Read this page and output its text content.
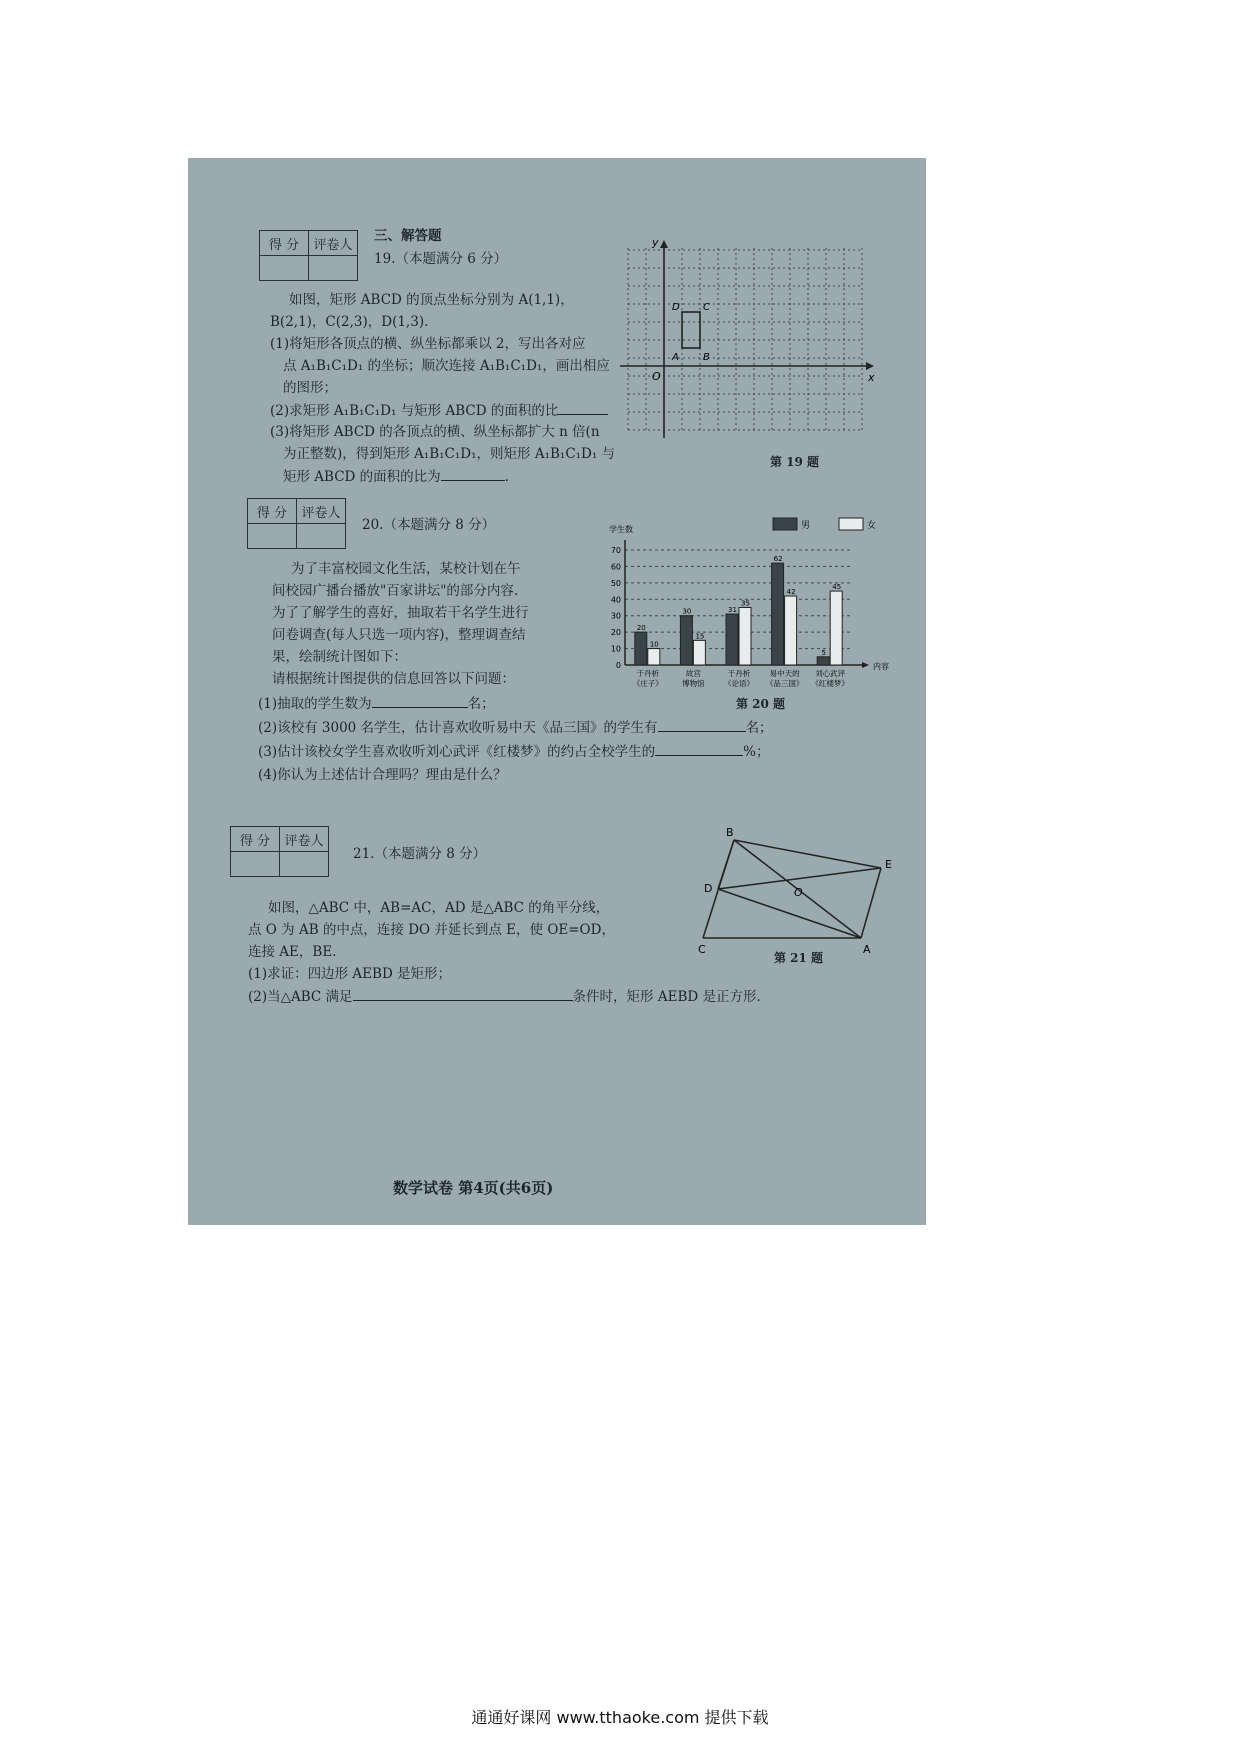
得 分	评卷人

三、解答题
19.（本题满分 6 分）
如图，矩形 ABCD 的顶点坐标分别为 A(1,1)，
B(2,1)，C(2,3)，D(1,3).
(1)将矩形各顶点的横、纵坐标都乘以 2，写出各对应
点 A₁B₁C₁D₁ 的坐标；顺次连接 A₁B₁C₁D₁，画出相应
的图形；
(2)求矩形 A₁B₁C₁D₁ 与矩形 ABCD 的面积的比
(3)将矩形 ABCD 的各顶点的横、纵坐标都扩大 n 倍(n
为正整数)，得到矩形 A₁B₁C₁D₁，则矩形 A₁B₁C₁D₁ 与
矩形 ABCD 的面积的比为	.
x
y
O
A B
C
D
第 19 题
得 分	评卷人

20.（本题满分 8 分）
为了丰富校园文化生活，某校计划在午
间校园广播台播放"百家讲坛"的部分内容.
为了了解学生的喜好，抽取若干名学生进行
问卷调查(每人只选一项内容)，整理调查结
果，绘制统计图如下：
请根据统计图提供的信息回答以下问题：
(1)抽取的学生数为	名；
(2)该校有 3000 名学生，估计喜欢收听易中天《品三国》的学生有	名；
(3)估计该校女学生喜欢收听刘心武评《红楼梦》的约占全校学生的	%；
(4)你认为上述估计合理吗？理由是什么？
0
10
20
30
40
50
60
70
学生数
内容
男	女
20
10
于丹析
《庄子》
30
15
故宫
博物馆
31
35
于丹析
《论语》
62
42
易中天的
《品三国》
5
45
刘心武评
《红楼梦》
第 20 题
得 分	评卷人

21.（本题满分 8 分）
如图，△ABC 中，AB=AC，AD 是△ABC 的角平分线，
点 O 为 AB 的中点，连接 DO 并延长到点 E，使 OE=OD，
连接 AE，BE.
(1)求证：四边形 AEBD 是矩形；
(2)当△ABC 满足	条件时，矩形 AEBD 是正方形.
B
E
D	O
C	A
第 21 题
数学试卷 第4页(共6页)
通通好课网 www.tthaoke.com 提供下载
